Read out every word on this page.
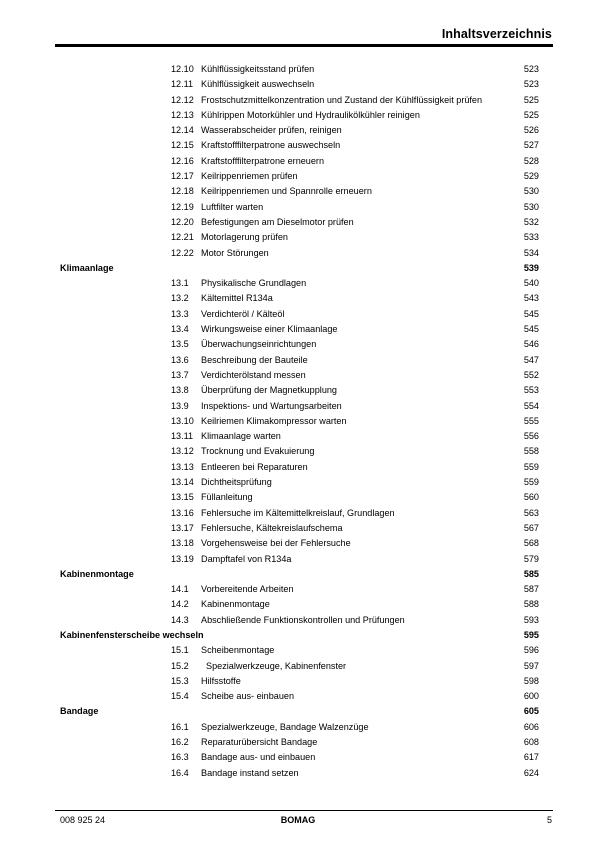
Inhaltsverzeichnis
12.10 Kühlflüssigkeitsstand prüfen	523
12.11 Kühlflüssigkeit auswechseln	523
12.12 Frostschutzmittelkonzentration und Zustand der Kühlflüssigkeit prüfen	525
12.13 Kühlrippen Motorkühler und Hydraulikölkühler reinigen	525
12.14 Wasserabscheider prüfen, reinigen	526
12.15 Kraftstofffilterpatrone auswechseln	527
12.16 Kraftstofffilterpatrone erneuern	528
12.17 Keilrippenriemen prüfen	529
12.18 Keilrippenriemen und Spannrolle erneuern	530
12.19 Luftfilter warten	530
12.20 Befestigungen am Dieselmotor prüfen	532
12.21 Motorlagerung prüfen	533
12.22 Motor Störungen	534
Klimaanlage	539
13.1 Physikalische Grundlagen	540
13.2 Kältemittel R134a	543
13.3 Verdichteröl / Kälteöl	545
13.4 Wirkungsweise einer Klimaanlage	545
13.5 Überwachungseinrichtungen	546
13.6 Beschreibung der Bauteile	547
13.7 Verdichterölstand messen	552
13.8 Überprüfung der Magnetkupplung	553
13.9 Inspektions- und Wartungsarbeiten	554
13.10 Keilriemen Klimakompressor warten	555
13.11 Klimaanlage warten	556
13.12 Trocknung und Evakuierung	558
13.13 Entleeren bei Reparaturen	559
13.14 Dichtheitsprüfung	559
13.15 Füllanleitung	560
13.16 Fehlersuche im Kältemittelkreislauf, Grundlagen	563
13.17 Fehlersuche, Kältekreislaufschema	567
13.18 Vorgehensweise bei der Fehlersuche	568
13.19 Dampftafel von R134a	579
Kabinenmontage	585
14.1 Vorbereitende Arbeiten	587
14.2 Kabinenmontage	588
14.3 Abschließende Funktionskontrollen und Prüfungen	593
Kabinenfensterscheibe wechseln	595
15.1 Scheibenmontage	596
15.2 Spezialwerkzeuge, Kabinenfenster	597
15.3 Hilfsstoffe	598
15.4 Scheibe aus- einbauen	600
Bandage	605
16.1 Spezialwerkzeuge, Bandage Walzenzüge	606
16.2 Reparaturübersicht Bandage	608
16.3 Bandage aus- und einbauen	617
16.4 Bandage instand setzen	624
008 925 24	BOMAG	5
